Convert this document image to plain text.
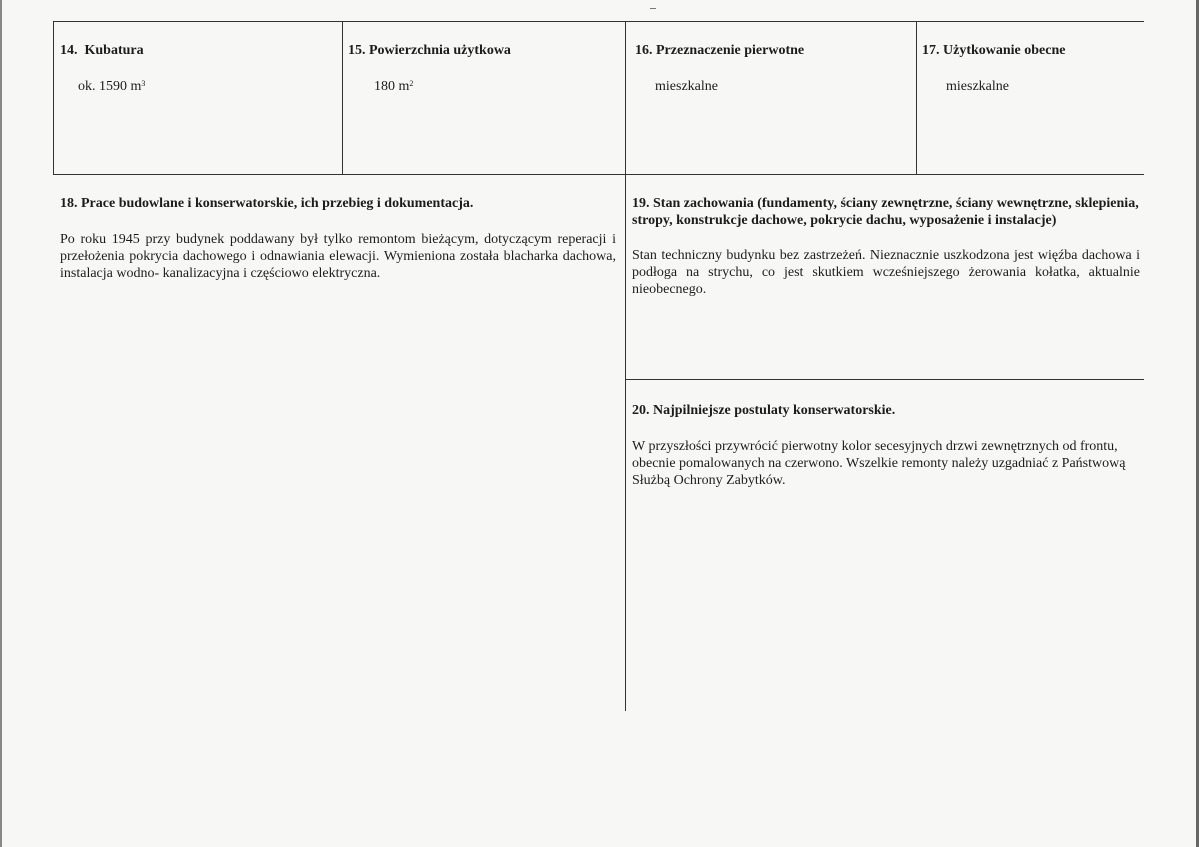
14.  Kubatura
ok. 1590 $m^3$
15. Powierzchnia użytkowa
180 $m^2$
16. Przeznaczenie pierwotne
mieszkalne
17. Użytkowanie obecne
mieszkalne
18. Prace budowlane i konserwatorskie, ich przebieg i dokumentacja.
Po roku 1945 przy budynek poddawany był tylko remontom bieżącym, dotyczącym reperacji i przełożenia pokrycia dachowego i odnawiania elewacji. Wymieniona została blacharka dachowa, instalacja wodno- kanalizacyjna i częściowo elektryczna.
19. Stan zachowania (fundamenty, ściany zewnętrzne, ściany wewnętrzne, sklepienia, stropy, konstrukcje dachowe, pokrycie dachu, wyposażenie i instalacje)
Stan techniczny budynku bez zastrzeżeń. Nieznacznie uszkodzona jest więźba dachowa i podłoga na strychu, co jest skutkiem wcześniejszego żerowania kołatka, aktualnie nieobecnego.
20. Najpilniejsze postulaty konserwatorskie.
W przyszłości przywrócić pierwotny kolor secesyjnych drzwi zewnętrznych od frontu, obecnie pomalowanych na czerwono. Wszelkie remonty należy uzgadniać z Państwową Służbą Ochrony Zabytków.
